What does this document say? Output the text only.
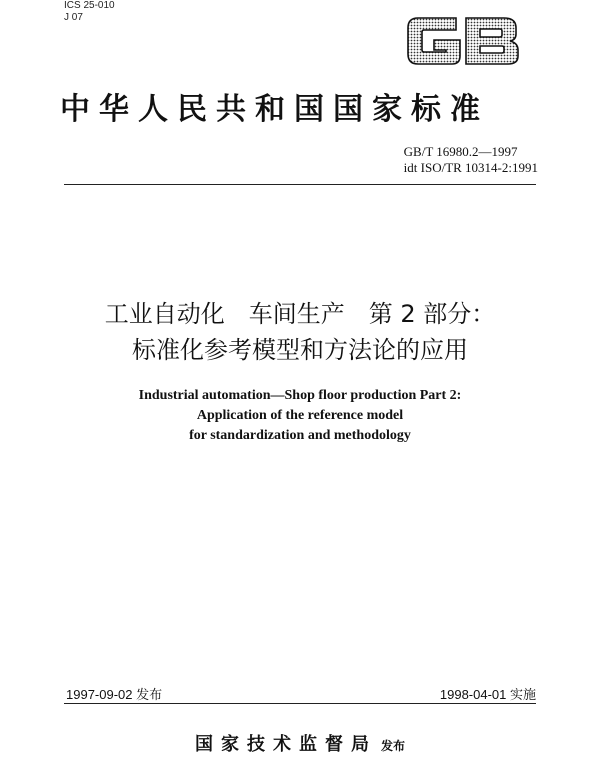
ICS 25-010
J 07
中华人民共和国国家标准
GB/T 16980.2—1997
idt ISO/TR 10314-2:1991
工业自动化　车间生产　第 2 部分：
标准化参考模型和方法论的应用
Industrial automation—Shop floor production Part 2:
Application of the reference model
for standardization and methodology
1997-09-02 发布	1998-04-01 实施
国家技术监督局 发布
